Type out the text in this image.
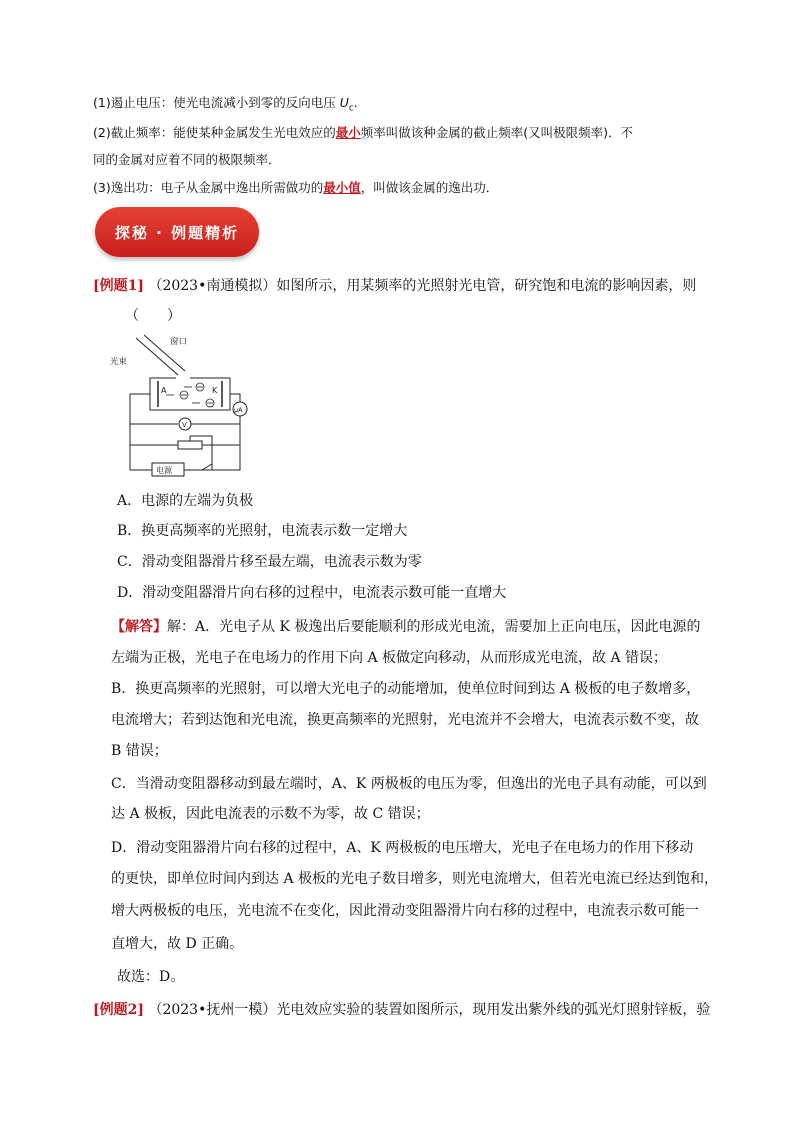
(1)遏止电压：使光电流减小到零的反向电压 $U_c$.
(2)截止频率：能使某种金属发生光电效应的最小频率叫做该种金属的截止频率(又叫极限频率)．不
同的金属对应着不同的极限频率．
(3)逸出功：电子从金属中逸出所需做功的最小值，叫做该金属的逸出功．
探秘 · 例题精析
[例题1] （2023•南通模拟）如图所示，用某频率的光照射光电管，研究饱和电流的影响因素，则
（　　）
窗口
光束
A	K
μA
V
电源
A．电源的左端为负极
B．换更高频率的光照射，电流表示数一定增大
C．滑动变阻器滑片移至最左端，电流表示数为零
D．滑动变阻器滑片向右移的过程中，电流表示数可能一直增大
【解答】解：A．光电子从 K 极逸出后要能顺利的形成光电流，需要加上正向电压，因此电源的
左端为正极，光电子在电场力的作用下向 A 板做定向移动，从而形成光电流，故 A 错误；
B．换更高频率的光照射，可以增大光电子的动能增加，使单位时间到达 A 极板的电子数增多，
电流增大；若到达饱和光电流，换更高频率的光照射，光电流并不会增大，电流表示数不变，故
B 错误；
C．当滑动变阻器移动到最左端时，A、K 两极板的电压为零，但逸出的光电子具有动能，可以到
达 A 极板，因此电流表的示数不为零，故 C 错误；
D．滑动变阻器滑片向右移的过程中，A、K 两极板的电压增大，光电子在电场力的作用下移动
的更快，即单位时间内到达 A 极板的光电子数目增多，则光电流增大，但若光电流已经达到饱和，
增大两极板的电压，光电流不在变化，因此滑动变阻器滑片向右移的过程中，电流表示数可能一
直增大，故 D 正确。
故选：D。
[例题2] （2023•抚州一模）光电效应实验的装置如图所示，现用发出紫外线的弧光灯照射锌板，验
